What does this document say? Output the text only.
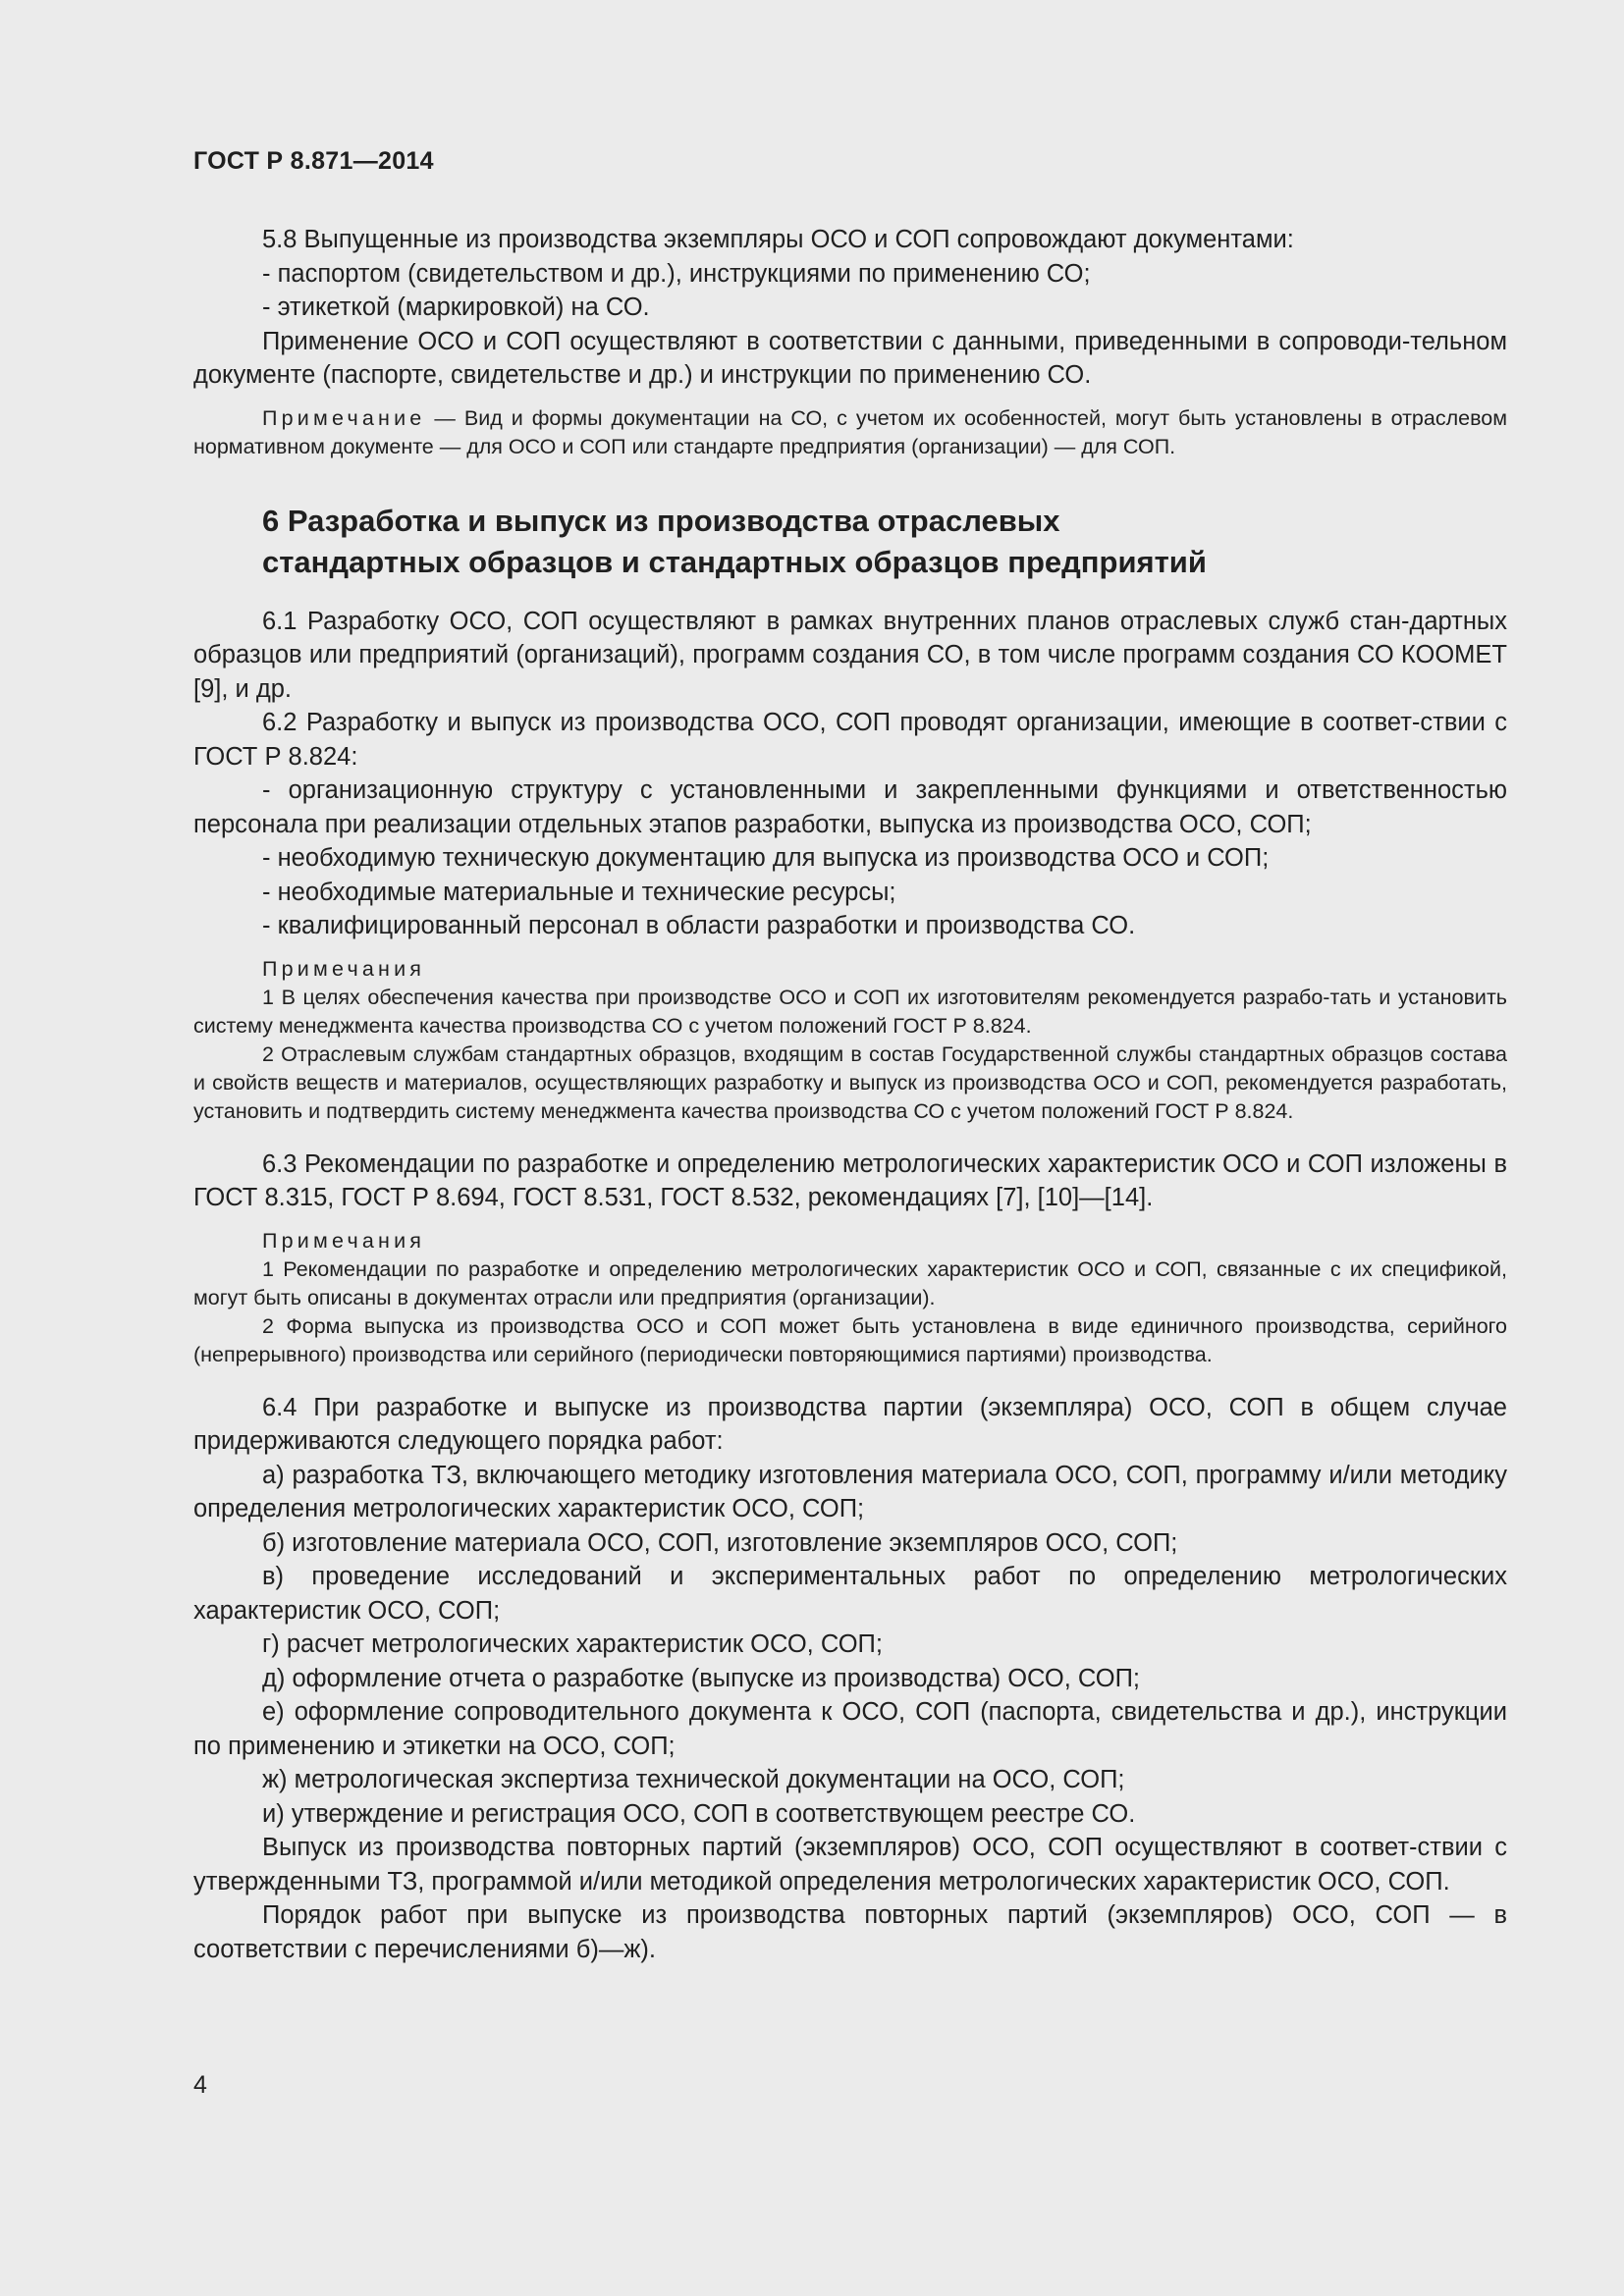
ГОСТ Р 8.871—2014

5.8 Выпущенные из производства экземпляры ОСО и СОП сопровождают документами:

- паспортом (свидетельством и др.), инструкциями по применению СО;

- этикеткой (маркировкой) на СО.

Применение ОСО и СОП осуществляют в соответствии с данными, приведенными в сопроводи-тельном документе (паспорте, свидетельстве и др.) и инструкции по применению СО.

Примечание — Вид и формы документации на СО, с учетом их особенностей, могут быть установлены в отраслевом нормативном документе — для ОСО и СОП или стандарте предприятия (организации) — для СОП.

6 Разработка и выпуск из производства отраслевых

стандартных образцов и стандартных образцов предприятий

6.1 Разработку ОСО, СОП осуществляют в рамках внутренних планов отраслевых служб стан-дартных образцов или предприятий (организаций), программ создания СО, в том числе программ создания СО КООМЕТ [9], и др.

6.2 Разработку и выпуск из производства ОСО, СОП проводят организации, имеющие в соответ-ствии с ГОСТ Р 8.824:

- организационную структуру с установленными и закрепленными функциями и ответственностью персонала при реализации отдельных этапов разработки, выпуска из производства ОСО, СОП;

- необходимую техническую документацию для выпуска из производства ОСО и СОП;

- необходимые материальные и технические ресурсы;

- квалифицированный персонал в области разработки и производства СО.

Примечания

1 В целях обеспечения качества при производстве ОСО и СОП их изготовителям рекомендуется разрабо-тать и установить систему менеджмента качества производства СО с учетом положений ГОСТ Р 8.824.

2 Отраслевым службам стандартных образцов, входящим в состав Государственной службы стандартных образцов состава и свойств веществ и материалов, осуществляющих разработку и выпуск из производства ОСО и СОП, рекомендуется разработать, установить и подтвердить систему менеджмента качества производства СО с учетом положений ГОСТ Р 8.824.

6.3 Рекомендации по разработке и определению метрологических характеристик ОСО и СОП изложены в ГОСТ 8.315, ГОСТ Р 8.694, ГОСТ 8.531, ГОСТ 8.532, рекомендациях [7], [10]—[14].

Примечания

1 Рекомендации по разработке и определению метрологических характеристик ОСО и СОП, связанные с их спецификой, могут быть описаны в документах отрасли или предприятия (организации).

2 Форма выпуска из производства ОСО и СОП может быть установлена в виде единичного производства, серийного (непрерывного) производства или серийного (периодически повторяющимися партиями) производства.

6.4 При разработке и выпуске из производства партии (экземпляра) ОСО, СОП в общем случае придерживаются следующего порядка работ:

а) разработка ТЗ, включающего методику изготовления материала ОСО, СОП, программу и/или методику определения метрологических характеристик ОСО, СОП;

б) изготовление материала ОСО, СОП, изготовление экземпляров ОСО, СОП;

в) проведение исследований и экспериментальных работ по определению метрологических характеристик ОСО, СОП;

г) расчет метрологических характеристик ОСО, СОП;

д) оформление отчета о разработке (выпуске из производства) ОСО, СОП;

е) оформление сопроводительного документа к ОСО, СОП (паспорта, свидетельства и др.), инструкции по применению и этикетки на ОСО, СОП;

ж) метрологическая экспертиза технической документации на ОСО, СОП;

и) утверждение и регистрация ОСО, СОП в соответствующем реестре СО.

Выпуск из производства повторных партий (экземпляров) ОСО, СОП осуществляют в соответ-ствии с утвержденными ТЗ, программой и/или методикой определения метрологических характеристик ОСО, СОП.

Порядок работ при выпуске из производства повторных партий (экземпляров) ОСО, СОП — в соответствии с перечислениями б)—ж).

4
